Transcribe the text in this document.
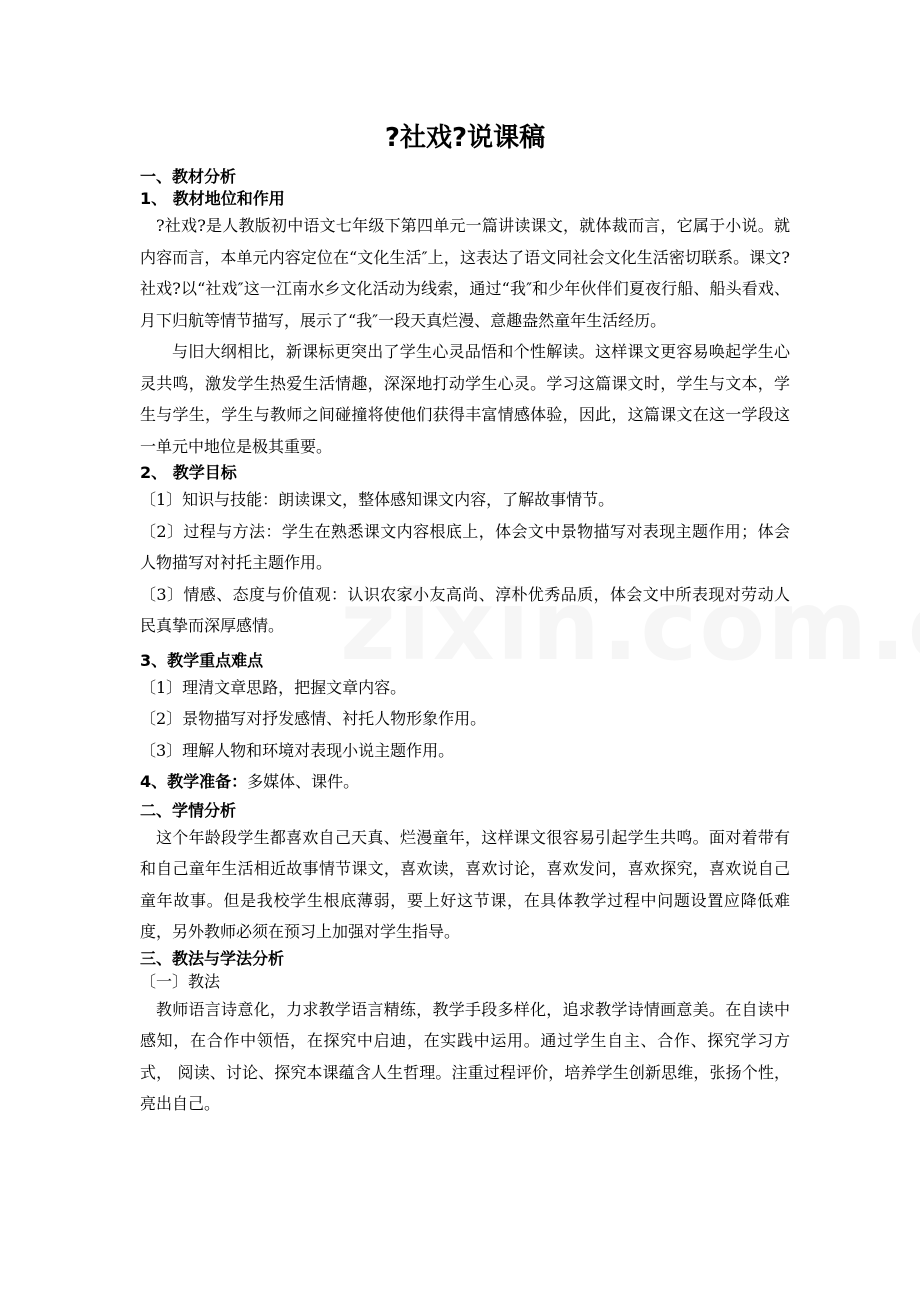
?社戏?说课稿
一、教材分析
1、 教材地位和作用

?社戏?是人教版初中语文七年级下第四单元一篇讲读课文，就体裁而言，它属于小说。就内容而言，本单元内容定位在“文化生活″上，这表达了语文同社会文化生活密切联系。课文?社戏?以“社戏″这一江南水乡文化活动为线索，通过“我″和少年伙伴们夏夜行船、船头看戏、月下归航等情节描写，展示了“我″一段天真烂漫、意趣盎然童年生活经历。

与旧大纲相比，新课标更突出了学生心灵品悟和个性解读。这样课文更容易唤起学生心灵共鸣，激发学生热爱生活情趣，深深地打动学生心灵。学习这篇课文时，学生与文本，学生与学生，学生与教师之间碰撞将使他们获得丰富情感体验，因此，这篇课文在这一学段这一单元中地位是极其重要。

2、 教学目标

〔1〕知识与技能：朗读课文，整体感知课文内容，了解故事情节。

〔2〕过程与方法：学生在熟悉课文内容根底上，体会文中景物描写对表现主题作用；体会人物描写对衬托主题作用。

〔3〕情感、态度与价值观：认识农家小友高尚、淳朴优秀品质，体会文中所表现对劳动人民真挚而深厚感情。

3、教学重点难点

〔1〕理清文章思路，把握文章内容。

〔2〕景物描写对抒发感情、衬托人物形象作用。

〔3〕理解人物和环境对表现小说主题作用。

4、教学准备：多媒体、课件。

二、学情分析

这个年龄段学生都喜欢自己天真、烂漫童年，这样课文很容易引起学生共鸣。面对着带有和自己童年生活相近故事情节课文，喜欢读，喜欢讨论，喜欢发问，喜欢探究，喜欢说自己童年故事。但是我校学生根底薄弱，要上好这节课，在具体教学过程中问题设置应降低难度，另外教师必须在预习上加强对学生指导。

三、教法与学法分析
〔一〕教法

教师语言诗意化，力求教学语言精练，教学手段多样化，追求教学诗情画意美。在自读中感知，在合作中领悟，在探究中启迪，在实践中运用。通过学生自主、合作、探究学习方式， 阅读、讨论、探究本课蕴含人生哲理。注重过程评价，培养学生创新思维，张扬个性，亮出自己。
